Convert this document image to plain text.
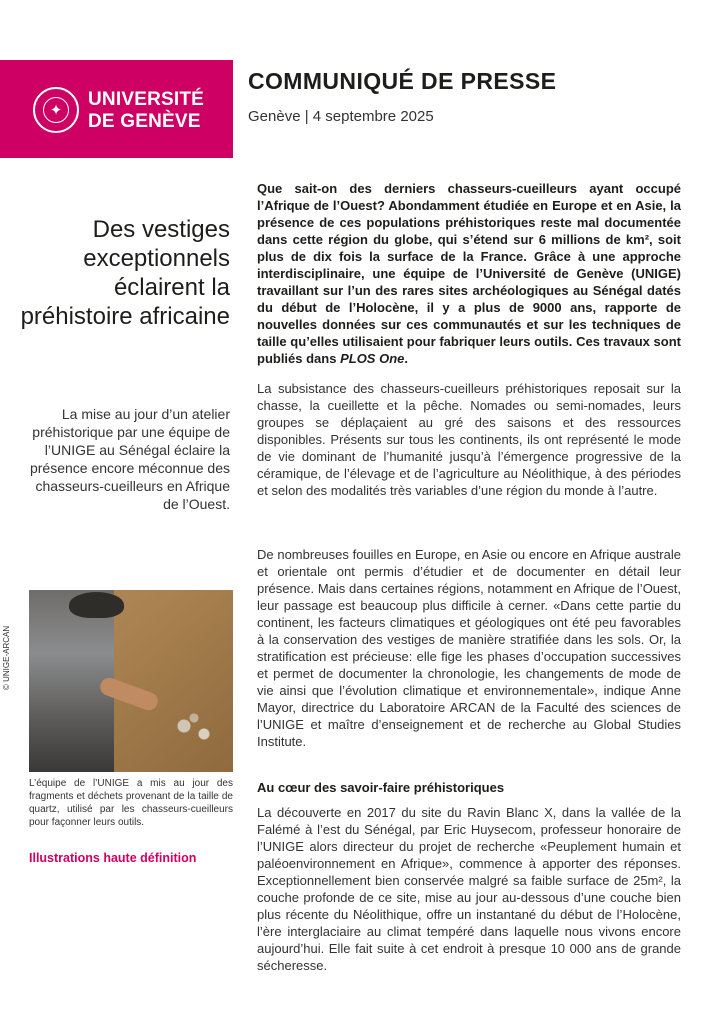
✦	UNIVERSITÉ
DE GENÈVE
COMMUNIQUÉ DE PRESSE
Genève | 4 septembre 2025
Des vestiges exceptionnels éclairent la préhistoire africaine
La mise au jour d’un atelier préhistorique par une équipe de l’UNIGE au Sénégal éclaire la présence encore méconnue des chasseurs-cueilleurs en Afrique de l’Ouest.
© UNIGE-ARCAN
L’équipe de l’UNIGE a mis au jour des fragments et déchets provenant de la taille de quartz, utilisé par les chasseurs-cueilleurs pour façonner leurs outils.
Illustrations haute définition
Que sait-on des derniers chasseurs-cueilleurs ayant occupé l’Afrique de l’Ouest? Abondamment étudiée en Europe et en Asie, la présence de ces populations préhistoriques reste mal documentée dans cette région du globe, qui s’étend sur 6 millions de km², soit plus de dix fois la surface de la France. Grâce à une approche interdisciplinaire, une équipe de l’Université de Genève (UNIGE) travaillant sur l’un des rares sites archéologiques au Sénégal datés du début de l’Holocène, il y a plus de 9000 ans, rapporte de nouvelles données sur ces communautés et sur les techniques de taille qu’elles utilisaient pour fabriquer leurs outils. Ces travaux sont publiés dans PLOS One.
La subsistance des chasseurs-cueilleurs préhistoriques reposait sur la chasse, la cueillette et la pêche. Nomades ou semi-nomades, leurs groupes se déplaçaient au gré des saisons et des ressources disponibles. Présents sur tous les continents, ils ont représenté le mode de vie dominant de l’humanité jusqu’à l’émergence progressive de la céramique, de l’élevage et de l’agriculture au Néolithique, à des périodes et selon des modalités très variables d’une région du monde à l’autre.
De nombreuses fouilles en Europe, en Asie ou encore en Afrique australe et orientale ont permis d’étudier et de documenter en détail leur présence. Mais dans certaines régions, notamment en Afrique de l’Ouest, leur passage est beaucoup plus difficile à cerner. «Dans cette partie du continent, les facteurs climatiques et géologiques ont été peu favorables à la conservation des vestiges de manière stratifiée dans les sols. Or, la stratification est précieuse: elle fige les phases d’occupation successives et permet de documenter la chronologie, les changements de mode de vie ainsi que l’évolution climatique et environnementale», indique Anne Mayor, directrice du Laboratoire ARCAN de la Faculté des sciences de l’UNIGE et maître d’enseignement et de recherche au Global Studies Institute.
Au cœur des savoir-faire préhistoriques
La découverte en 2017 du site du Ravin Blanc X, dans la vallée de la Falémé à l’est du Sénégal, par Eric Huysecom, professeur honoraire de l’UNIGE alors directeur du projet de recherche «Peuplement humain et paléoenvironnement en Afrique», commence à apporter des réponses. Exceptionnellement bien conservée malgré sa faible surface de 25m², la couche profonde de ce site, mise au jour au-dessous d’une couche bien plus récente du Néolithique, offre un instantané du début de l’Holocène, l’ère interglaciaire au climat tempéré dans laquelle nous vivons encore aujourd’hui. Elle fait suite à cet endroit à presque 10 000 ans de grande sécheresse.
